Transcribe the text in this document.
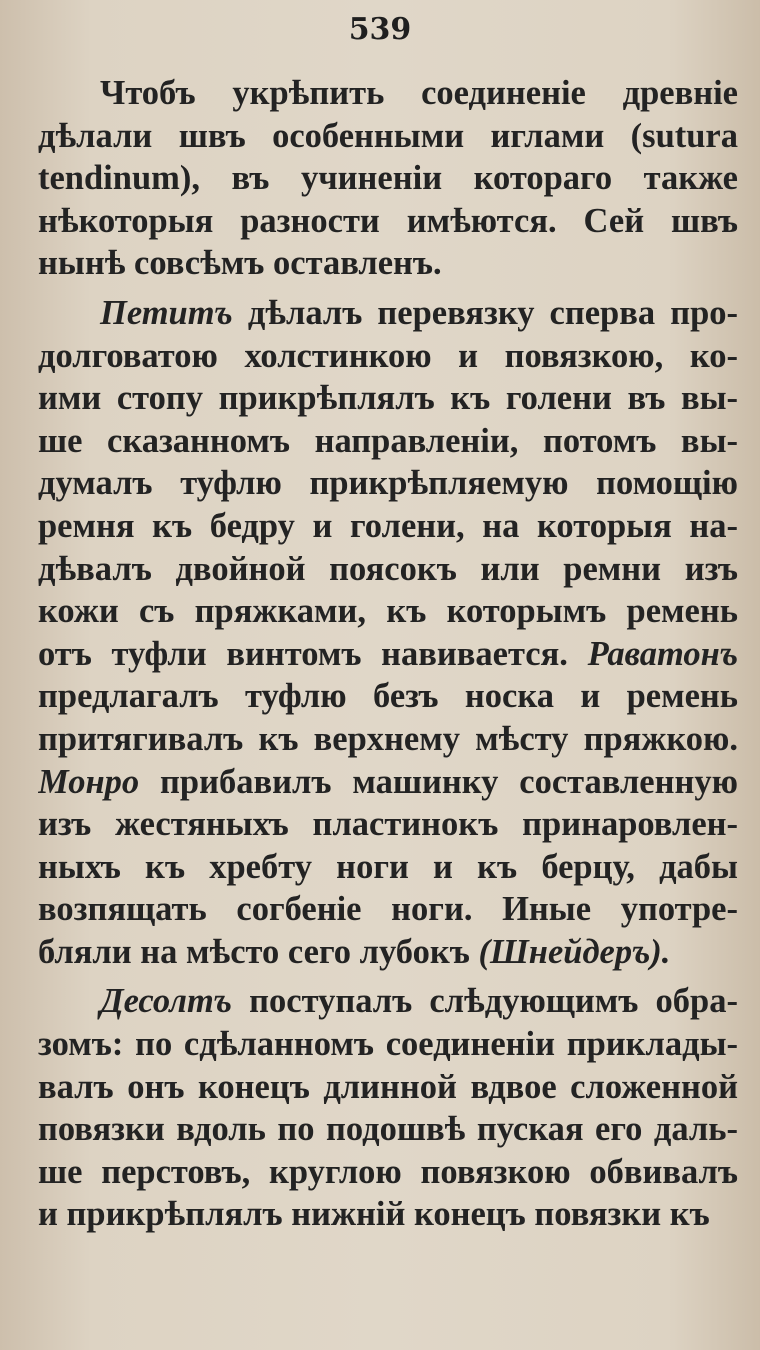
539
Чтобъ укрѣпить соединеніе древніе
дѣлали швъ особенными иглами (sutura
tendinum), въ учиненіи котораго также
нѣкоторыя разности имѣются. Сей швъ
нынѣ совсѣмъ оставленъ.
Петитъ дѣлалъ перевязку сперва про-
долговатою холстинкою и повязкою, ко-
ими стопу прикрѣплялъ къ голени въ вы-
ше сказанномъ направленіи, потомъ вы-
думалъ туфлю прикрѣпляемую помощію
ремня къ бедру и голени, на которыя на-
дѣвалъ двойной поясокъ или ремни изъ
кожи съ пряжками, къ которымъ ремень
отъ туфли винтомъ навивается. Раватонъ
предлагалъ туфлю безъ носка и ремень
притягивалъ къ верхнему мѣсту пряжкою.
Монро прибавилъ машинку составленную
изъ жестяныхъ пластинокъ принаровлен-
ныхъ къ хребту ноги и къ берцу, дабы
возпящать согбеніе ноги. Иные употре-
бляли на мѣсто сего лубокъ (Шнейдеръ).
Десолтъ поступалъ слѣдующимъ обра-
зомъ: по сдѣланномъ соединеніи приклады-
валъ онъ конецъ длинной вдвое сложенной
повязки вдоль по подошвѣ пуская его даль-
ше перстовъ, круглою повязкою обвивалъ
и прикрѣплялъ нижній конецъ повязки къ
